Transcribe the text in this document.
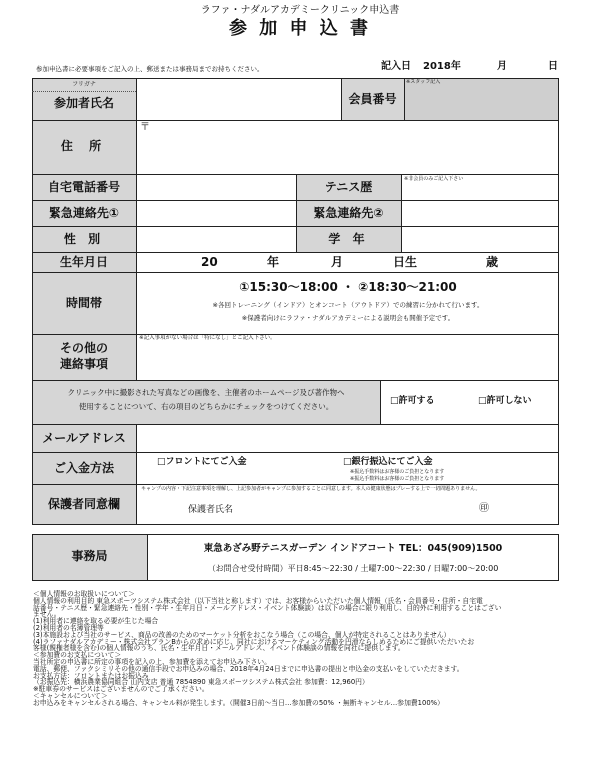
ラファ・ナダルアカデミークリニック申込書
参 加 申 込 書
参加申込書に必要事項をご記入の上、郵送または事務局までお持ちください。	記入日 2018年	月	日
フリガナ
参加者氏名	会員番号
※スタッフ記入
住 所
〒
自宅電話番号	テニス歴
※非会員のみご記入下さい
緊急連絡先①	緊急連絡先②
性 別	学 年
生年月日	20	年	月	日生	歳
時間帯
①15:30～18:00 ・ ②18:30～21:00
※各回トレーニング（インドア）とオンコート（アウトドア）での練習に分かれて行います。
※保護者向けにラファ・ナダルアカデミーによる説明会も開催予定です。
その他の
連絡事項
※記入事項がない場合は「特になし」とご記入下さい。
クリニック中に撮影された写真などの画像を、主催者のホームページ及び著作物へ
使用することについて、右の項目のどちらかにチェックをつけてください。
□許可する	□許可しない
メールアドレス
ご入金方法	□フロントにてご入金	□銀行振込にてご入金
※振込手数料はお客様のご負担となります
※振込手数料はお客様のご負担となります
保護者同意欄
キャンプの内容・下記注意事項を理解し、上記参加者がキャンプに参加することに同意します。本人の健康状態はプレーする上で一切問題ありません。
保護者氏名	㊞
事務局
東急あざみ野テニスガーデン インドアコート TEL：045(909)1500
（お問合せ受付時間）平日8:45～22:30 / 土曜7:00～22:30 / 日曜7:00～20:00
＜個人情報のお取扱いについて＞
個人情報の利用目的 東急スポーツシステム株式会社（以下当社と称します）では、お客様からいただいた個人情報（氏名・会員番号・住所・自宅電
話番号・テニス歴・緊急連絡先・性別・学年・生年月日・メールアドレス・イベント体験談）は以下の場合に限り利用し、目的外に利用することはござい
ません。
(1)利用者に連絡を取る必要が生じた場合
(2)利用者の名簿管理等
(3)本施設および当社のサービス、商品の改善のためのマーケット分析をおこなう場合（この場合、個人が特定されることはありません）
(4)ラファナダルアカデミー・株式会社プランBからの求めに応じ、同社におけるマーケティング活動を円滑ならしめるためにご提供いただいたお
客様(親権者様を含む)の個人情報のうち、氏名・生年月日・メールアドレス、イベント体験談の情報を同社に提供します。
＜参加費のお支払について＞
当社所定の申込書に所定の事項を記入の上、参加費を添えてお申込み下さい。
電話、郵便、ファクシミリその他の通信手段でお申込みの場合、2018年4月24日までに申込書の提出と申込金の支払いをしていただきます。
お支払方法：フロントまたはお振込み
（お振込先：横浜農業協同組合 山内支店 普通 7854890 東急スポーツシステム株式会社 参加費：12,960円）
※駐車券のサービスはございませんのでご了承ください。
＜キャンセルについて＞
お申込みをキャンセルされる場合、キャンセル料が発生します。（開催3日前～当日…参加費の50% ・無断キャンセル…参加費100%）
